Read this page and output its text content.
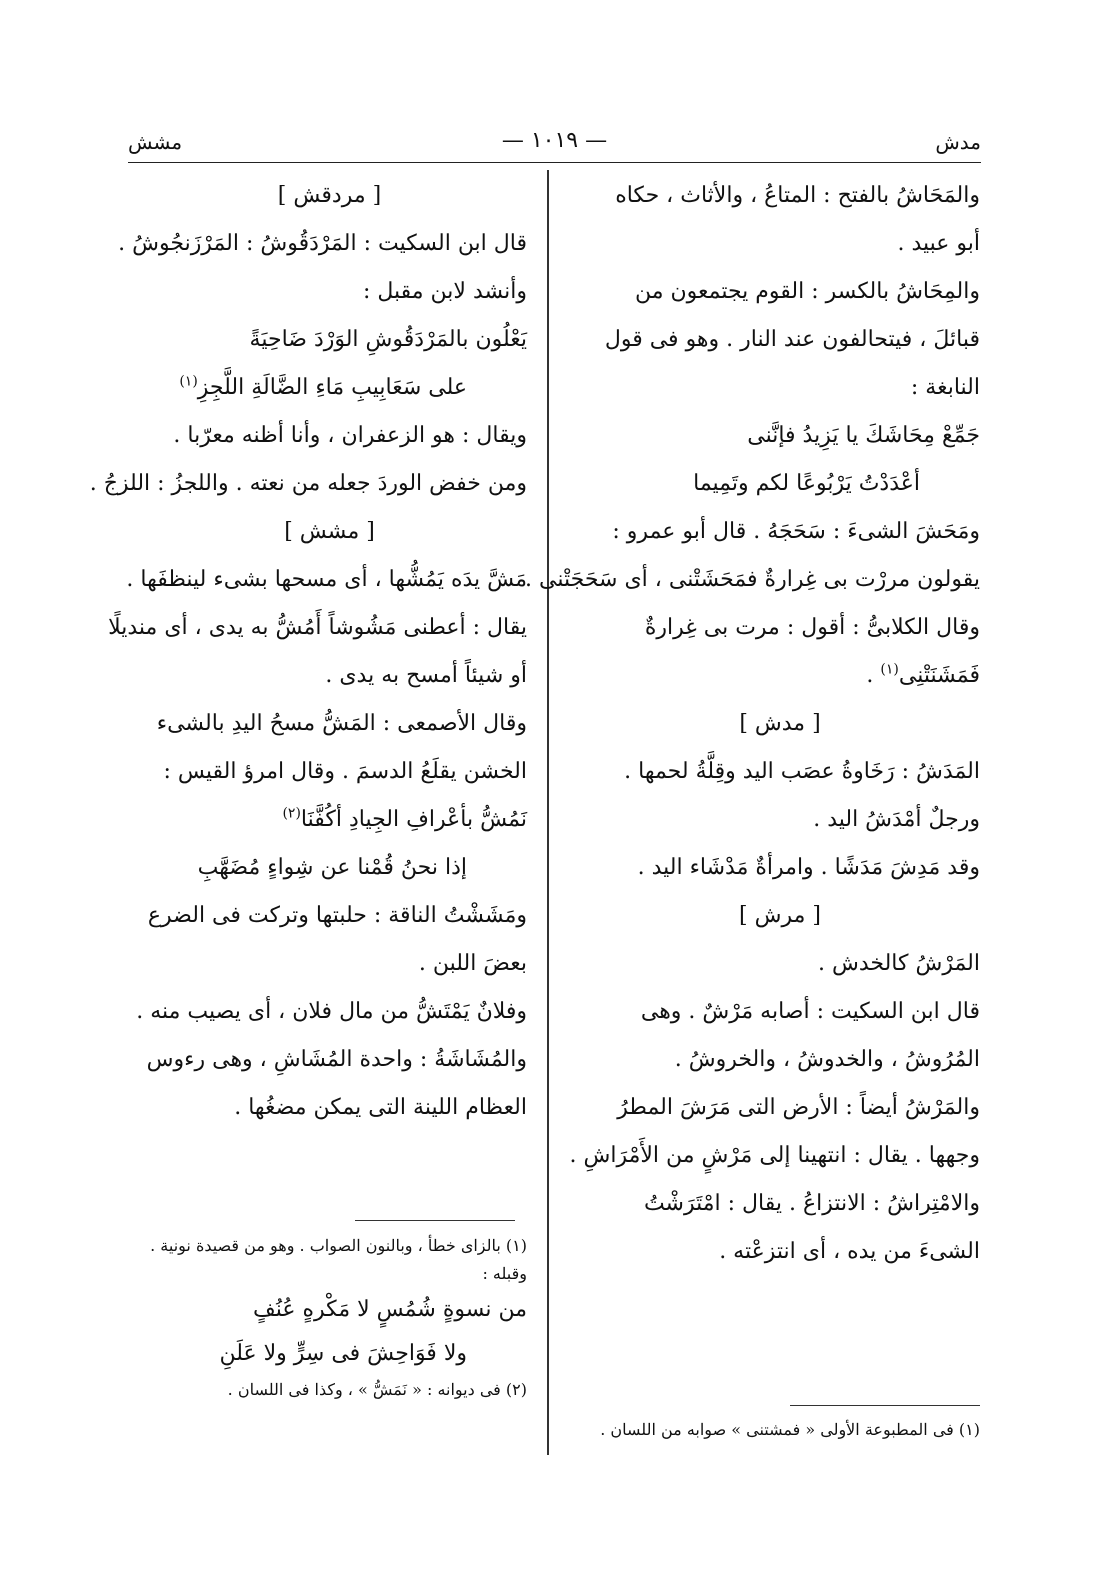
مشش	— ١٠١٩ —	مدش
والمَحَاشُ بالفتح : المتاعُ ، والأثاث ، حكاه
أبو عبيد .
والمِحَاشُ بالكسر : القوم يجتمعون من
قبائلَ ، فيتحالفون عند النار . وهو فى قول
النابغة :
جَمِّعْ مِحَاشَكَ يا يَزِيدُ فإنَّنى
أعْدَدْتُ يَرْبُوعًا لكم وتَمِيما
ومَحَشَ الشىءَ : سَحَجَهُ . قال أبو عمرو :
يقولون مررْت بى غِرارةٌ فمَحَشَتْنى ، أى سَحَجَتْنى .
وقال الكلابىُّ : أقول : مرت بى غِرارةٌ
فَمَشَنَتْنِى$^{(١)}$ .
[ مدش ]
المَدَشُ : رَخَاوةُ عصَب اليد وقِلَّةُ لحمها .
ورجلٌ أمْدَشُ اليد .
وقد مَدِشَ مَدَشًا . وامرأةٌ مَدْشَاء اليد .
[ مرش ]
المَرْشُ كالخدش .
قال ابن السكيت : أصابه مَرْشٌ . وهى
المُرُوشُ ، والخدوشُ ، والخروشُ .
والمَرْشُ أيضاً : الأرض التى مَرَشَ المطرُ
وجهها . يقال : انتهينا إلى مَرْشٍ من الأَمْرَاشِ .
والامْتِراشُ : الانتزاعُ . يقال : امْتَرَشْتُ
الشىءَ من يده ، أى انتزعْته .
(١) فى المطبوعة الأولى « فمشتنى » صوابه من اللسان .
[ مردقش ]
قال ابن السكيت : المَرْدَقُوشُ : المَرْزَنجُوشُ .
وأنشد لابن مقبل :
يَعْلُون بالمَرْدَقُوشِ الوَرْدَ ضَاحِيَةً
على سَعَابِيبِ مَاءِ الضَّالَةِ اللَّجِزِ$^{(١)}$
ويقال : هو الزعفران ، وأنا أظنه معرّبا .
ومن خفض الوردَ جعله من نعته . واللجزُ : اللزجُ .
[ مشش ]
مَشَّ يدَه يَمُشُّها ، أى مسحها بشىء لينظفَها .
يقال : أعطنى مَشُوشاً أَمُشُّ به يدى ، أى منديلًا
أو شيئاً أمسح به يدى .
وقال الأصمعى : المَشُّ مسحُ اليدِ بالشىء
الخشن يقلَعُ الدسمَ . وقال امرؤ القيس :
نَمُشُّ بأعْرافِ الجِيادِ أكُفَّنَا$^{(٢)}$
إذا نحنُ قُمْنا عن شِواءٍ مُضَهَّبِ
ومَشَشْتُ الناقة : حلبتها وتركت فى الضرع
بعضَ اللبن .
وفلانٌ يَمْتَشُّ من مال فلان ، أى يصيب منه .
والمُشَاشَةُ : واحدة المُشَاشِ ، وهى رءوس
العظام اللينة التى يمكن مضغُها .
(١) بالزاى خطأ ، وبالنون الصواب . وهو من قصيدة نونية . وقبله :
من نسوةٍ شُمُسٍ لا مَكْرهٍ عُنُفٍ
ولا فَوَاحِشَ فى سِرٍّ ولا عَلَنِ
(٢) فى ديوانه : « نَمَشُّ » ، وكذا فى اللسان .
